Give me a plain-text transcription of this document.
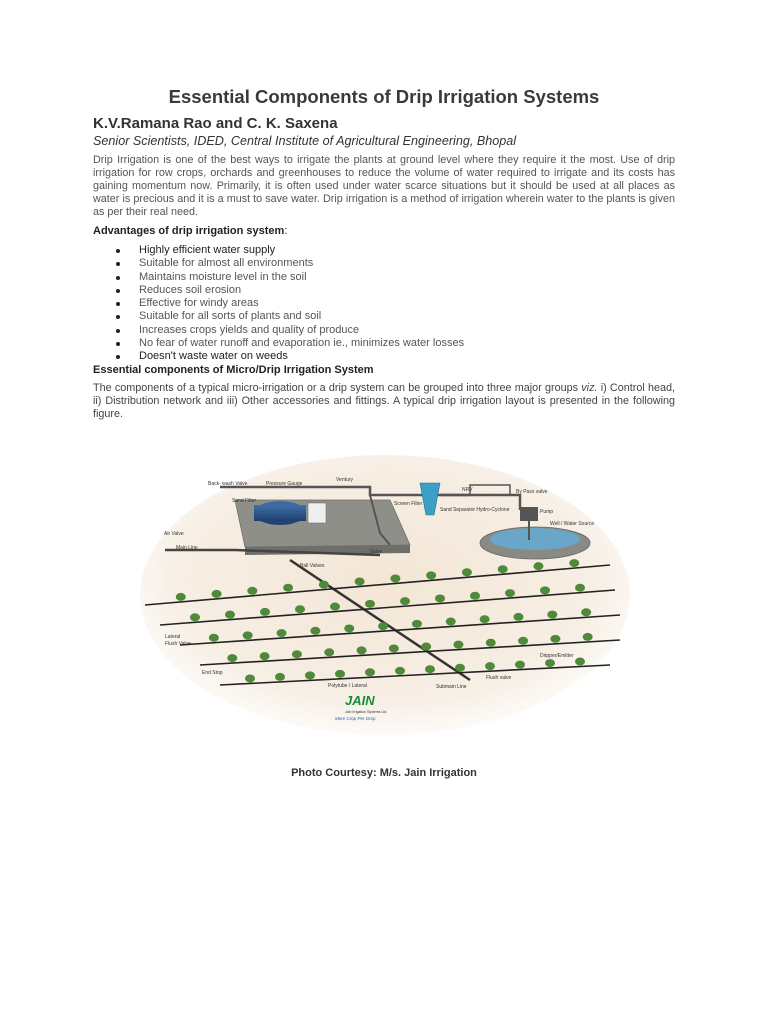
Essential Components of Drip Irrigation Systems
K.V.Ramana Rao and C. K. Saxena

Senior Scientists, IDED, Central Institute of Agricultural Engineering, Bhopal

Drip Irrigation is one of the best ways to irrigate the plants at ground level where they require it the most. Use of drip irrigation for row crops, orchards and greenhouses to reduce the volume of water required to irrigate and its costs has gaining momentum now. Primarily, it is often used under water scarce situations but it should be used at all places as water is precious and it is a must to save water. Drip irrigation is a method of irrigation wherein water to the plants is given as per their real need.

Advantages of drip irrigation system:

Highly efficient water supply
Suitable for almost all environments
Maintains moisture level in the soil
Reduces soil erosion
Effective for windy areas
Suitable for all sorts of plants and soil
Increases crops yields and quality of produce
No fear of water runoff and evaporation ie., minimizes water losses
Doesn't waste water on weeds

Essential components of Micro/Drip Irrigation System

The components of a typical micro-irrigation or a drip system can be grouped into three major groups viz. i) Control head, ii) Distribution network and iii) Other accessories and fittings. A typical drip irrigation layout is presented in the following figure.

Back- wash Valve	Pressure Gauge
Ventury
Sand Filter	Screen Filter
NRV	By Pass valve
Sand Separator Hydro-Cyclone	Pump
Well / Water Source
Air Valve
Main Line
Valve
Ball Valves
Lateral
Flush Valve
Dripper/Emitter
End Stop
Polytube / Lateral	Submain Line
Flush valve
JAIN
Jain Irrigation Systems Ltd.
More Crop Per Drop

Photo Courtesy: M/s. Jain Irrigation
